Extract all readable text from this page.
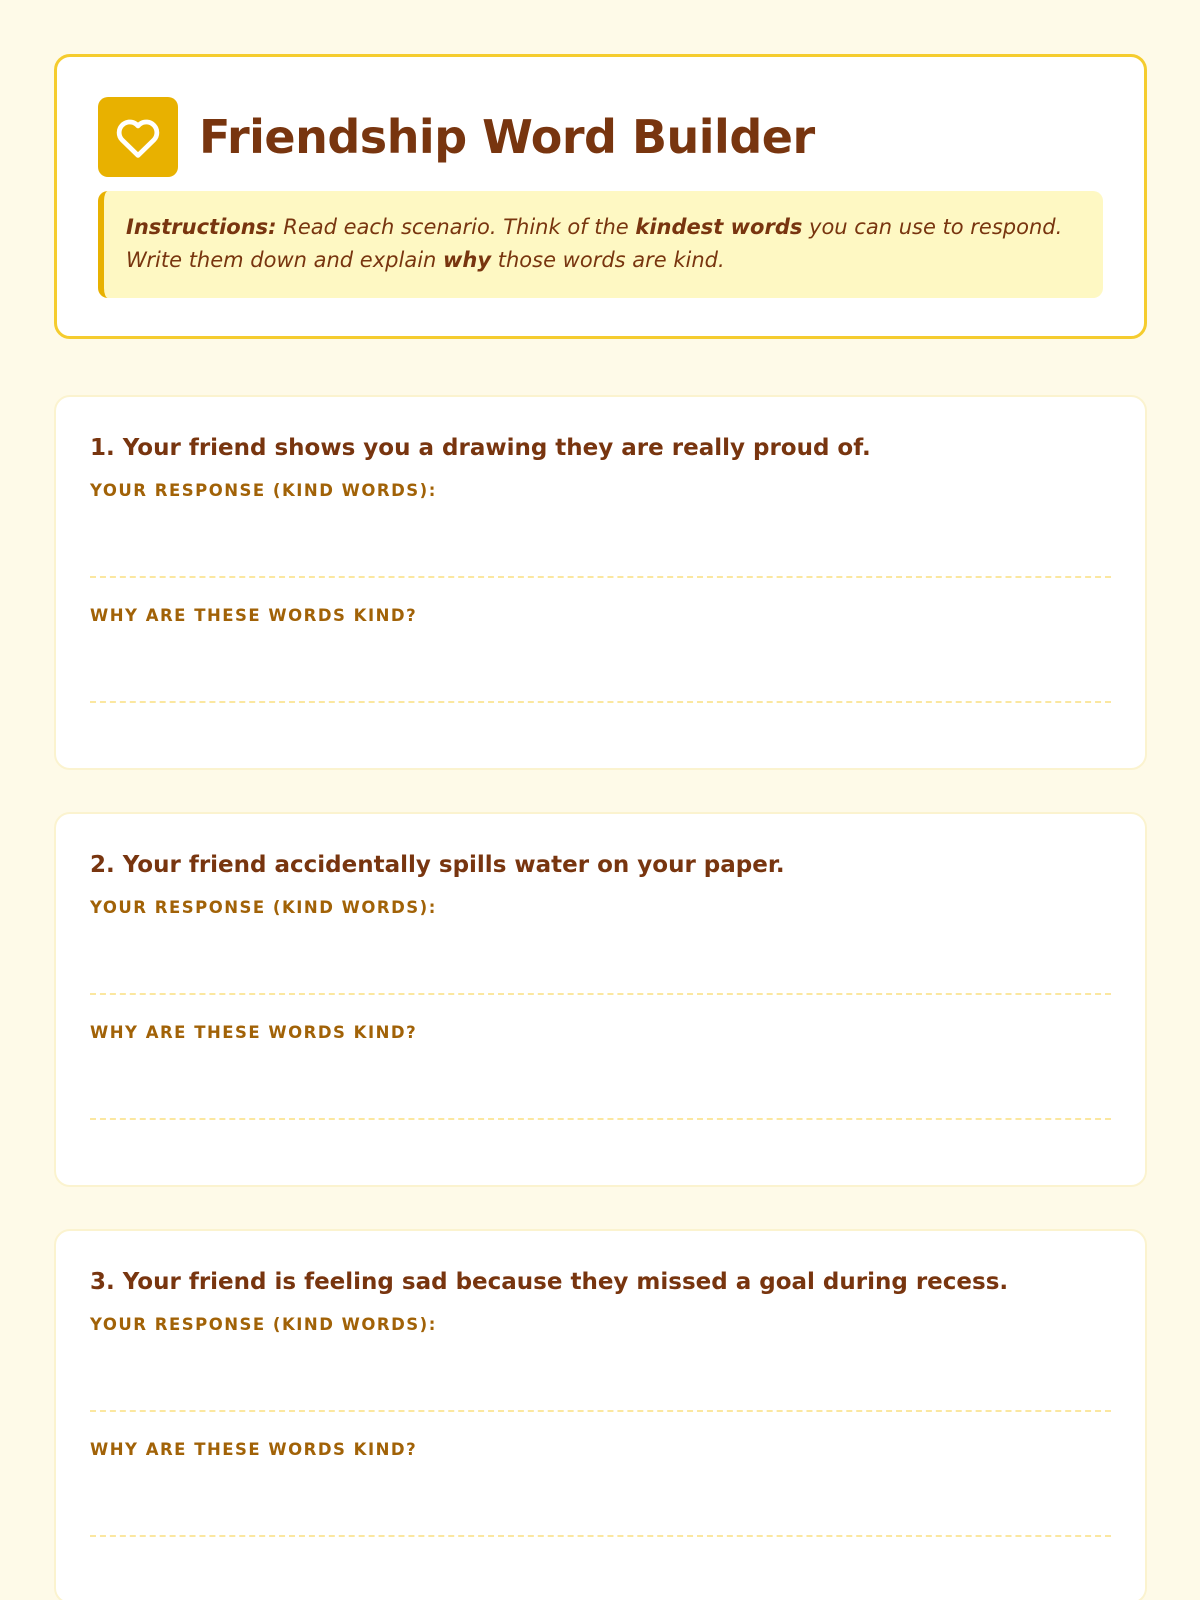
Friendship Word Builder
Instructions: Read each scenario. Think of the kindest words you can use to respond. Write them down and explain why those words are kind.
1. Your friend shows you a drawing they are really proud of.
YOUR RESPONSE (KIND WORDS):
WHY ARE THESE WORDS KIND?
2. Your friend accidentally spills water on your paper.
YOUR RESPONSE (KIND WORDS):
WHY ARE THESE WORDS KIND?
3. Your friend is feeling sad because they missed a goal during recess.
YOUR RESPONSE (KIND WORDS):
WHY ARE THESE WORDS KIND?
